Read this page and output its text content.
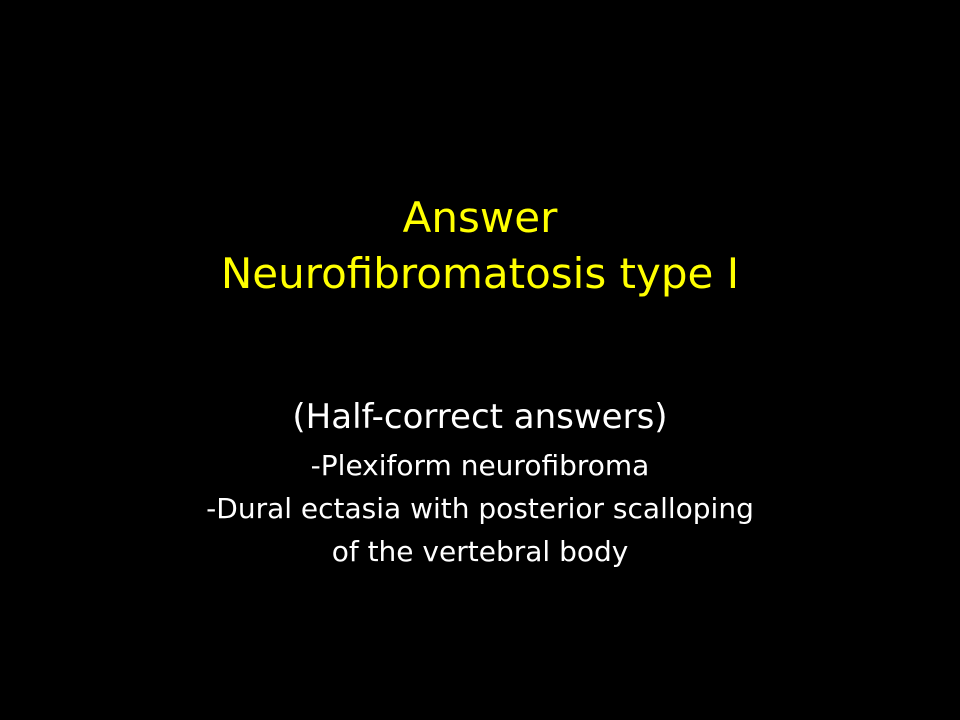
Answer
Neurofibromatosis type I
(Half-correct answers)
-Plexiform neurofibroma
-Dural ectasia with posterior scalloping
of the vertebral body
